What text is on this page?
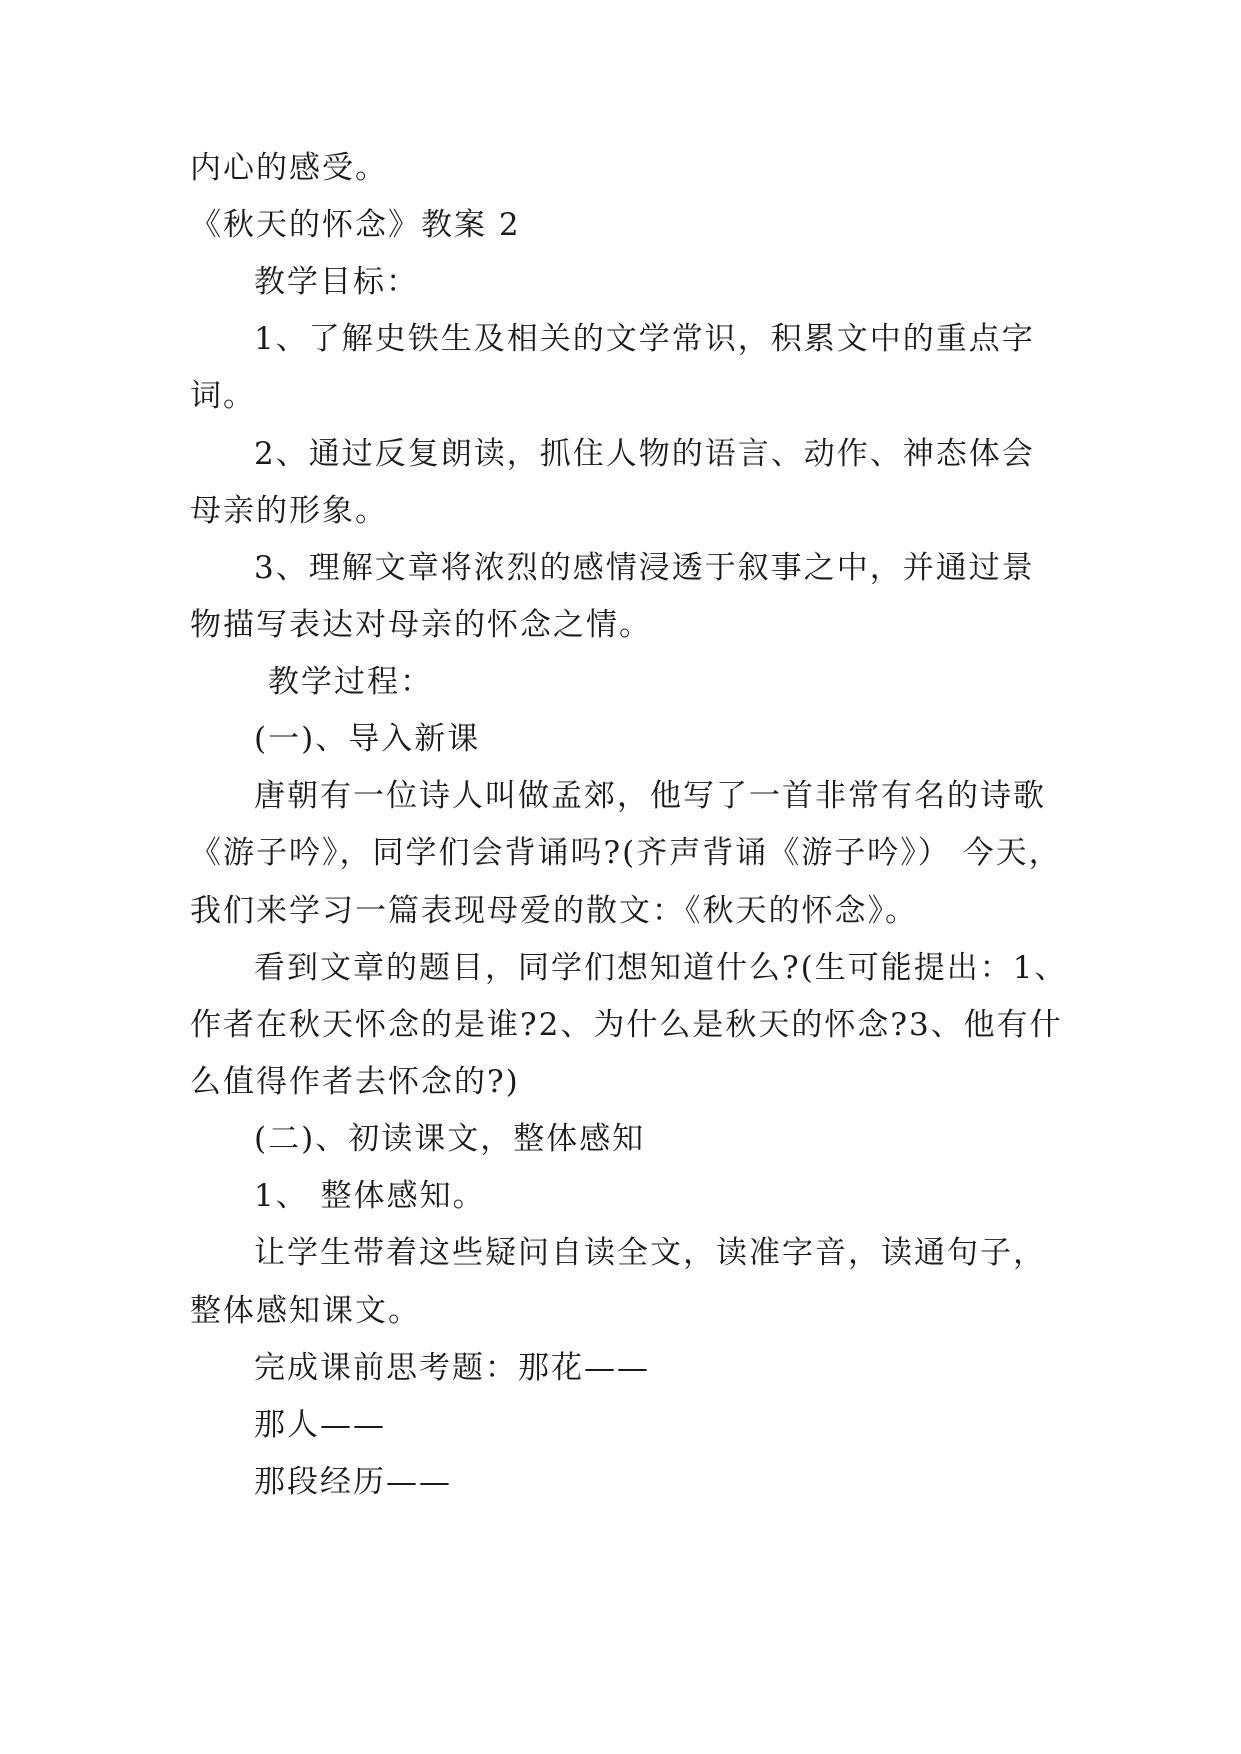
内心的感受。
《秋天的怀念》教案 2
教学目标：
1、了解史铁生及相关的文学常识，积累文中的重点字
词。
2、通过反复朗读，抓住人物的语言、动作、神态体会
母亲的形象。
3、理解文章将浓烈的感情浸透于叙事之中，并通过景
物描写表达对母亲的怀念之情。
教学过程：
(一)、导入新课
唐朝有一位诗人叫做孟郊，他写了一首非常有名的诗歌
《游子吟》，同学们会背诵吗?(齐声背诵《游子吟》） 今天，
我们来学习一篇表现母爱的散文：《秋天的怀念》。
看到文章的题目，同学们想知道什么?(生可能提出：1、
作者在秋天怀念的是谁?2、为什么是秋天的怀念?3、他有什
么值得作者去怀念的?)
(二)、初读课文，整体感知
1、 整体感知。
让学生带着这些疑问自读全文，读准字音，读通句子，
整体感知课文。
完成课前思考题：那花——
那人——
那段经历——
